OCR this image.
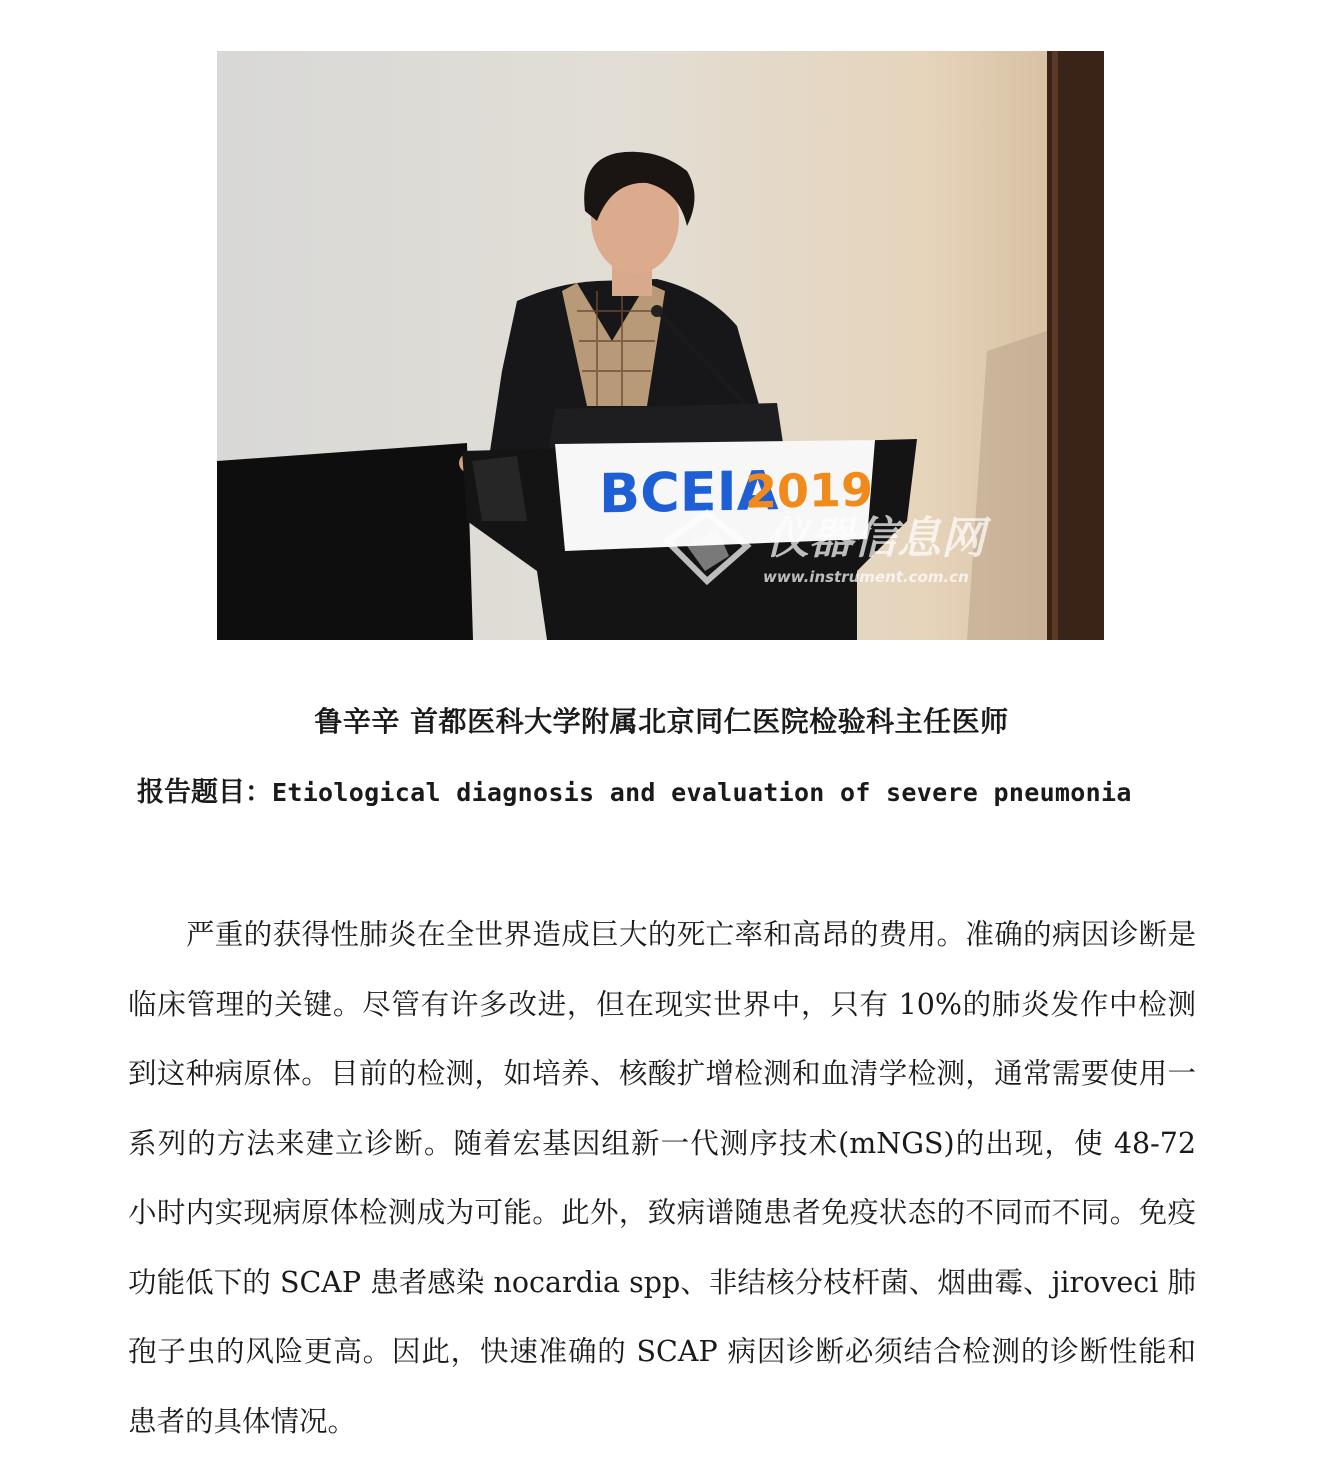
BCEIA
2019
仪器信息网
www.instrument.com.cn
鲁辛辛 首都医科大学附属北京同仁医院检验科主任医师
报告题目：Etiological diagnosis and evaluation of severe pneumonia

严重的获得性肺炎在全世界造成巨大的死亡率和高昂的费用。准确的病因诊断是临床管理的关键。尽管有许多改进，但在现实世界中，只有 10%的肺炎发作中检测到这种病原体。目前的检测，如培养、核酸扩增检测和血清学检测，通常需要使用一系列的方法来建立诊断。随着宏基因组新一代测序技术(mNGS)的出现，使 48-72 小时内实现病原体检测成为可能。此外，致病谱随患者免疫状态的不同而不同。免疫功能低下的 SCAP 患者感染 nocardia spp、非结核分枝杆菌、烟曲霉、jiroveci 肺孢子虫的风险更高。因此，快速准确的 SCAP 病因诊断必须结合检测的诊断性能和患者的具体情况。
